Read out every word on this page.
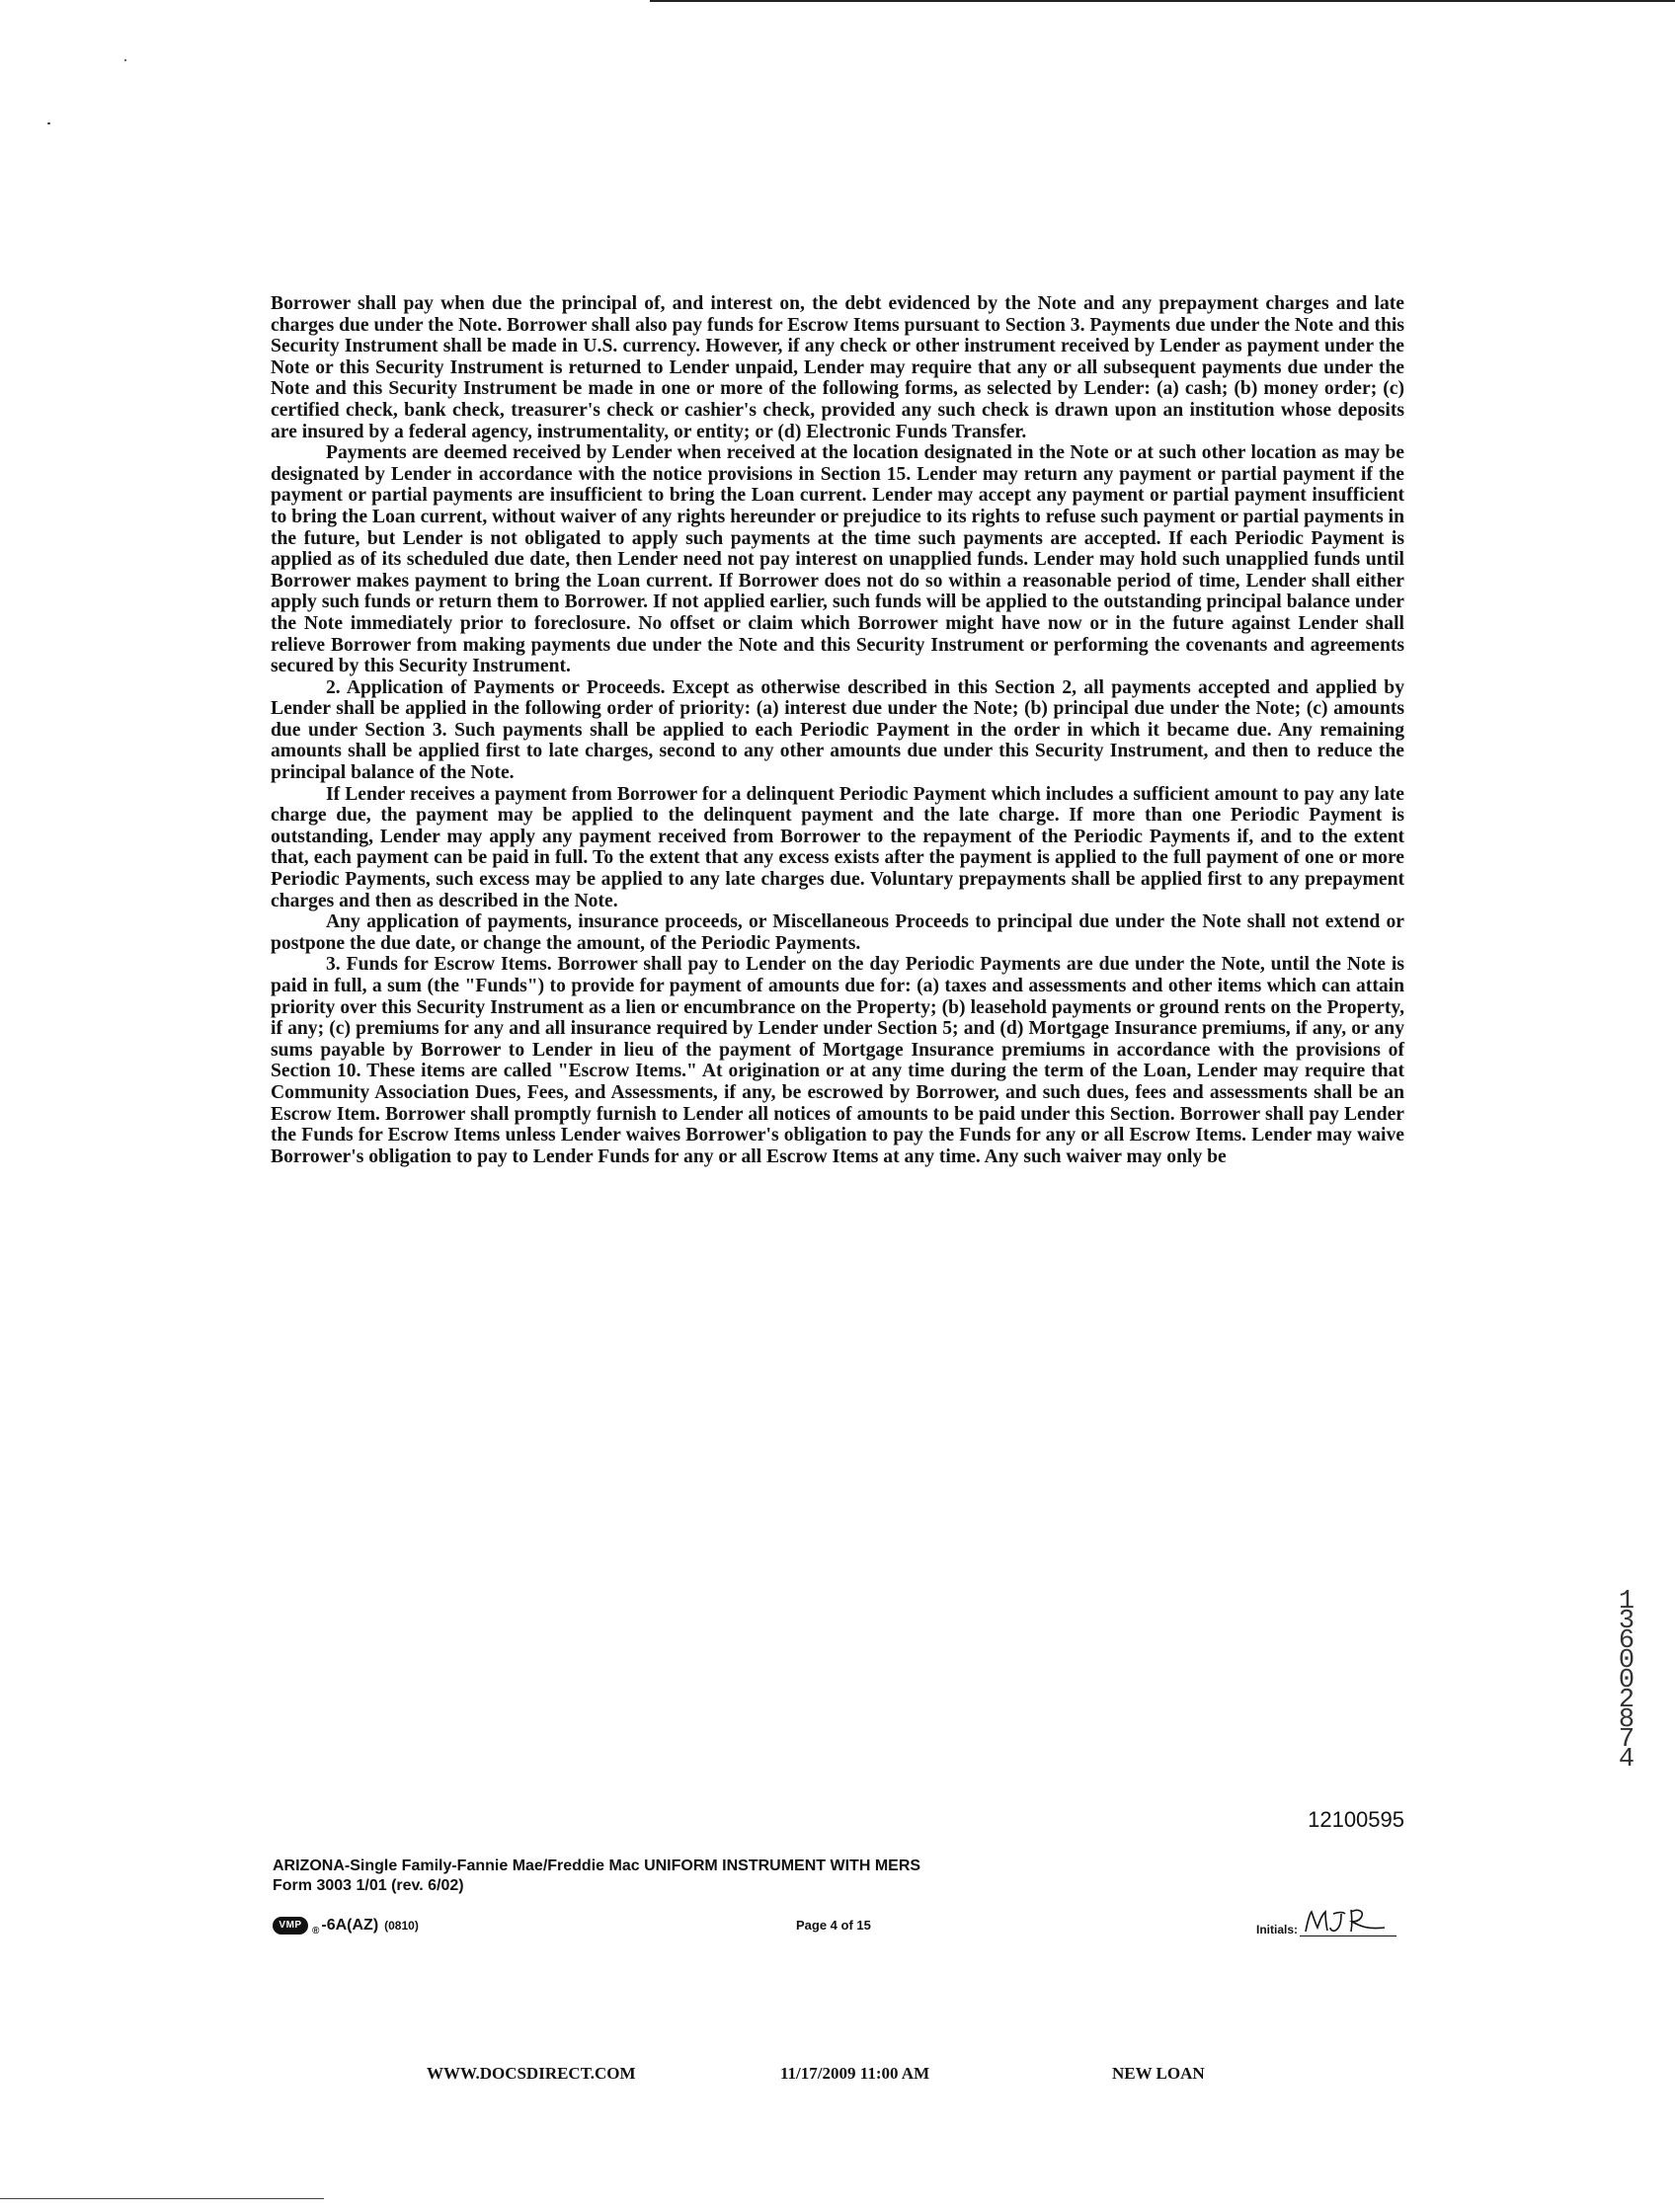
Borrower shall pay when due the principal of, and interest on, the debt evidenced by the Note and any prepayment charges and late charges due under the Note. Borrower shall also pay funds for Escrow Items pursuant to Section 3. Payments due under the Note and this Security Instrument shall be made in U.S. currency. However, if any check or other instrument received by Lender as payment under the Note or this Security Instrument is returned to Lender unpaid, Lender may require that any or all subsequent payments due under the Note and this Security Instrument be made in one or more of the following forms, as selected by Lender: (a) cash; (b) money order; (c) certified check, bank check, treasurer's check or cashier's check, provided any such check is drawn upon an institution whose deposits are insured by a federal agency, instrumentality, or entity; or (d) Electronic Funds Transfer.

Payments are deemed received by Lender when received at the location designated in the Note or at such other location as may be designated by Lender in accordance with the notice provisions in Section 15. Lender may return any payment or partial payment if the payment or partial payments are insufficient to bring the Loan current. Lender may accept any payment or partial payment insufficient to bring the Loan current, without waiver of any rights hereunder or prejudice to its rights to refuse such payment or partial payments in the future, but Lender is not obligated to apply such payments at the time such payments are accepted. If each Periodic Payment is applied as of its scheduled due date, then Lender need not pay interest on unapplied funds. Lender may hold such unapplied funds until Borrower makes payment to bring the Loan current. If Borrower does not do so within a reasonable period of time, Lender shall either apply such funds or return them to Borrower. If not applied earlier, such funds will be applied to the outstanding principal balance under the Note immediately prior to foreclosure. No offset or claim which Borrower might have now or in the future against Lender shall relieve Borrower from making payments due under the Note and this Security Instrument or performing the covenants and agreements secured by this Security Instrument.

2. Application of Payments or Proceeds. Except as otherwise described in this Section 2, all payments accepted and applied by Lender shall be applied in the following order of priority: (a) interest due under the Note; (b) principal due under the Note; (c) amounts due under Section 3. Such payments shall be applied to each Periodic Payment in the order in which it became due. Any remaining amounts shall be applied first to late charges, second to any other amounts due under this Security Instrument, and then to reduce the principal balance of the Note.

If Lender receives a payment from Borrower for a delinquent Periodic Payment which includes a sufficient amount to pay any late charge due, the payment may be applied to the delinquent payment and the late charge. If more than one Periodic Payment is outstanding, Lender may apply any payment received from Borrower to the repayment of the Periodic Payments if, and to the extent that, each payment can be paid in full. To the extent that any excess exists after the payment is applied to the full payment of one or more Periodic Payments, such excess may be applied to any late charges due. Voluntary prepayments shall be applied first to any prepayment charges and then as described in the Note.

Any application of payments, insurance proceeds, or Miscellaneous Proceeds to principal due under the Note shall not extend or postpone the due date, or change the amount, of the Periodic Payments.

3. Funds for Escrow Items. Borrower shall pay to Lender on the day Periodic Payments are due under the Note, until the Note is paid in full, a sum (the "Funds") to provide for payment of amounts due for: (a) taxes and assessments and other items which can attain priority over this Security Instrument as a lien or encumbrance on the Property; (b) leasehold payments or ground rents on the Property, if any; (c) premiums for any and all insurance required by Lender under Section 5; and (d) Mortgage Insurance premiums, if any, or any sums payable by Borrower to Lender in lieu of the payment of Mortgage Insurance premiums in accordance with the provisions of Section 10. These items are called "Escrow Items." At origination or at any time during the term of the Loan, Lender may require that Community Association Dues, Fees, and Assessments, if any, be escrowed by Borrower, and such dues, fees and assessments shall be an Escrow Item. Borrower shall promptly furnish to Lender all notices of amounts to be paid under this Section. Borrower shall pay Lender the Funds for Escrow Items unless Lender waives Borrower's obligation to pay the Funds for any or all Escrow Items. Lender may waive Borrower's obligation to pay to Lender Funds for any or all Escrow Items at any time. Any such waiver may only be

12100595
ARIZONA-Single Family-Fannie Mae/Freddie Mac UNIFORM INSTRUMENT WITH MERS
Form 3003 1/01 (rev. 6/02)
VMP
® -6A(AZ) (0810)	Page 4 of 15	Initials:
WWW.DOCSDIRECT.COM	11/17/2009 11:00 AM	NEW LOAN
1360 0 2874
